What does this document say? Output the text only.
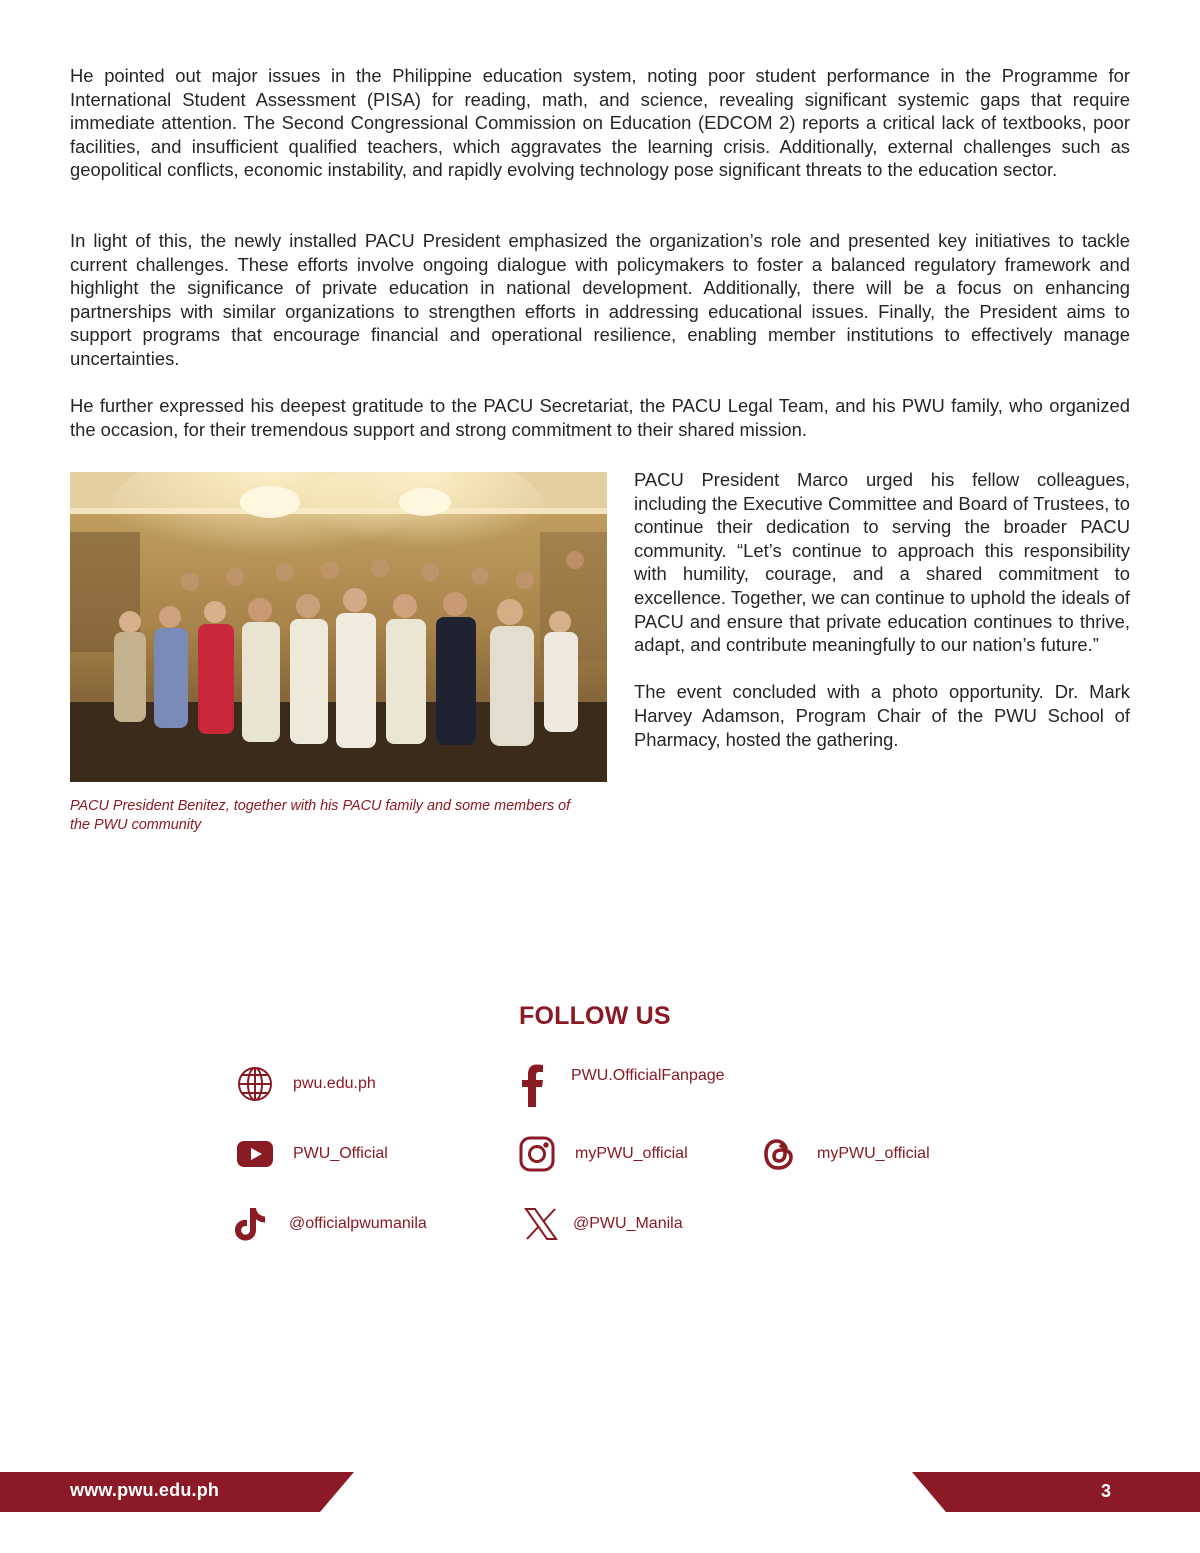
He pointed out major issues in the Philippine education system, noting poor student performance in the Programme for International Student Assessment (PISA) for reading, math, and science, revealing significant systemic gaps that require immediate attention. The Second Congressional Commission on Education (EDCOM 2) reports a critical lack of textbooks, poor facilities, and insufficient qualified teachers, which aggravates the learning crisis. Additionally, external challenges such as geopolitical conflicts, economic instability, and rapidly evolving technology pose significant threats to the education sector.

In light of this, the newly installed PACU President emphasized the organization’s role and presented key initiatives to tackle current challenges. These efforts involve ongoing dialogue with policymakers to foster a balanced regulatory framework and highlight the significance of private education in national development. Additionally, there will be a focus on enhancing partnerships with similar organizations to strengthen efforts in addressing educational issues. Finally, the President aims to support programs that encourage financial and operational resilience, enabling member institutions to effectively manage uncertainties.

He further expressed his deepest gratitude to the PACU Secretariat, the PACU Legal Team, and his PWU family, who organized the occasion, for their tremendous support and strong commitment to their shared mission.

PACU President Benitez, together with his PACU family and some members of the PWU community

PACU President Marco urged his fellow colleagues, including the Executive Committee and Board of Trustees, to continue their dedication to serving the broader PACU community. “Let’s continue to approach this responsibility with humility, courage, and a shared commitment to excellence. Together, we can continue to uphold the ideals of PACU and ensure that private education continues to thrive, adapt, and contribute meaningfully to our nation’s future.”

The event concluded with a photo opportunity. Dr. Mark Harvey Adamson, Program Chair of the PWU School of Pharmacy, hosted the gathering.

FOLLOW US
pwu.edu.ph	PWU.OfficialFanpage
PWU_Official	myPWU_official	myPWU_official
@officialpwumanila	@PWU_Manila
www.pwu.edu.ph	3
